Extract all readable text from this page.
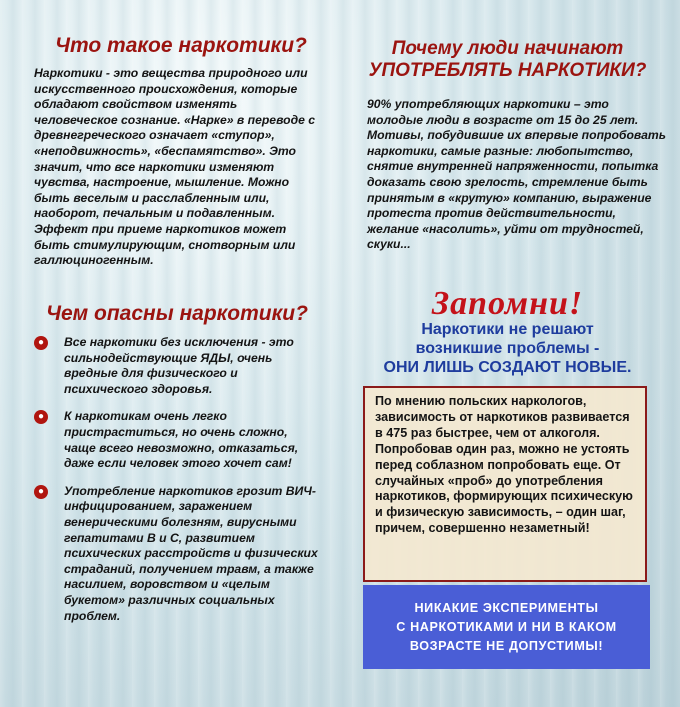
Что такое наркотики?

Наркотики - это вещества природного или искусственного происхождения, которые обладают свойством изменять человеческое сознание. «Нарке» в переводе с древнегреческого означает «ступор», «неподвижность», «беспамятство». Это значит, что все наркотики изменяют чувства, настроение, мышление. Можно быть веселым и расслабленным или, наоборот, печальным и подавленным. Эффект при приеме наркотиков может быть стимулирующим, снотворным или галлюциногенным.

Чем опасны наркотики?
●	Все наркотики без исключения - это сильнодействующие ЯДЫ, очень вредные для физического и психического здоровья.
●	К наркотикам очень легко пристраститься, но очень сложно, чаще всего невозможно, отказаться, даже если человек этого хочет сам!
●	Употребление наркотиков грозит ВИЧ-инфицированием, заражением венерическими болезням, вирусными гепатитами В и С, развитием психических расстройств и физических страданий, получением травм, а также насилием, воровством и «целым букетом» различных социальных проблем.
Почему люди начинают
УПОТРЕБЛЯТЬ НАРКОТИКИ?

90% употребляющих наркотики – это молодые люди в возрасте от 15 до 25 лет. Мотивы, побудившие их впервые попробовать наркотики, самые разные: любопытство, снятие внутренней напряженности, попытка доказать свою зрелость, стремление быть принятым в «крутую» компанию, выражение протеста против действительности, желание «насолить», уйти от трудностей, скуки...

Запомни!

Наркотики не решают
возникшие проблемы -
ОНИ ЛИШЬ СОЗДАЮТ НОВЫЕ.

По мнению польских наркологов, зависимость от наркотиков развивается в 475 раз быстрее, чем от алкоголя. Попробовав один раз, можно не устоять перед соблазном попробовать еще. От случайных «проб» до употребления наркотиков, формирующих психическую и физическую зависимость, – один шаг, причем, совершенно незаметный!

НИКАКИЕ ЭКСПЕРИМЕНТЫ
С НАРКОТИКАМИ И НИ В КАКОМ
ВОЗРАСТЕ НЕ ДОПУСТИМЫ!
